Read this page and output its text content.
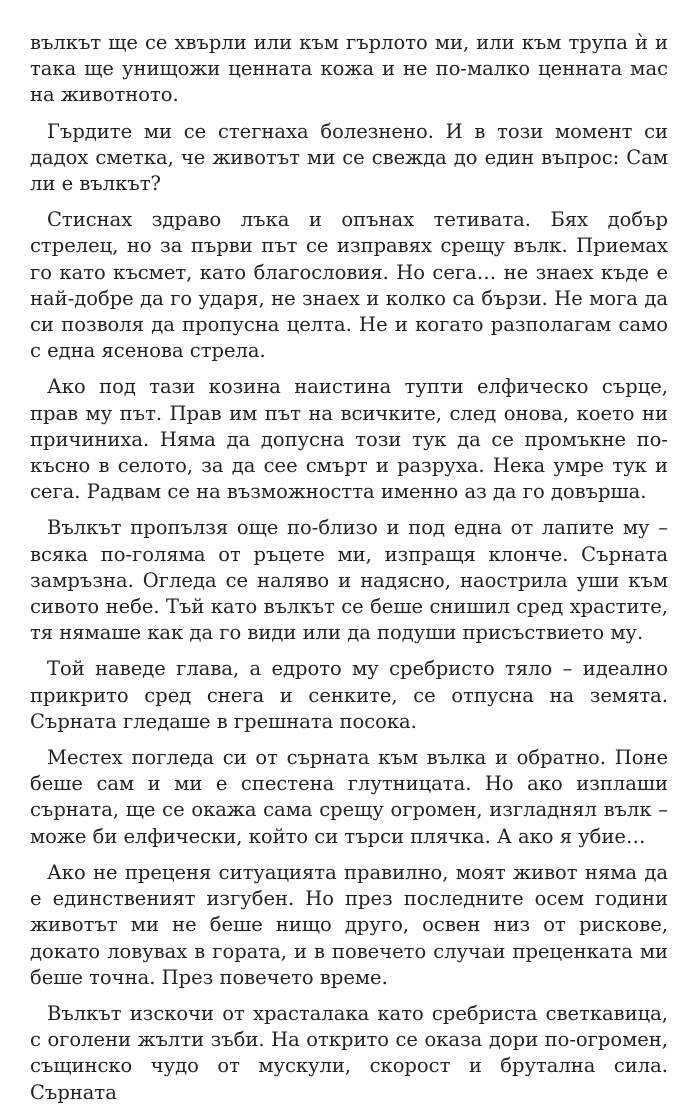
вълкът ще се хвърли или към гърлото ми, или към трупа ѝ и така ще унищожи ценната кожа и не по-малко ценната мас на животното.

Гърдите ми се стегнаха болезнено. И в този момент си дадох сметка, че животът ми се свежда до един въпрос: Сам ли е вълкът?

Стиснах здраво лъка и опънах тетивата. Бях добър стрелец, но за първи път се изправях срещу вълк. Приемах го като късмет, като благословия. Но сега… не знаех къде е най-добре да го ударя, не знаех и колко са бързи. Не мога да си позволя да пропусна целта. Не и когато разполагам само с една ясенова стрела.

Ако под тази козина наистина тупти елфическо сърце, прав му път. Прав им път на всичките, след онова, което ни причиниха. Няма да допусна този тук да се промъкне по-късно в селото, за да сее смърт и разруха. Нека умре тук и сега. Радвам се на възможността именно аз да го довърша.

Вълкът пропълзя още по-близо и под една от лапите му – всяка по-голяма от ръцете ми, изпращя клонче. Сърната замръзна. Огледа се наляво и надясно, наострила уши към сивото небе. Тъй като вълкът се беше снишил сред храстите, тя нямаше как да го види или да подуши присъствието му.

Той наведе глава, а едрото му сребристо тяло – идеално прикрито сред снега и сенките, се отпусна на земята. Сърната гледаше в грешната посока.

Местех погледа си от сърната към вълка и обратно. Поне беше сам и ми е спестена глутницата. Но ако изплаши сърната, ще се окажа сама срещу огромен, изгладнял вълк – може би елфически, който си търси плячка. А ако я убие…

Ако не преценя ситуацията правилно, моят живот няма да е единственият изгубен. Но през последните осем години животът ми не беше нищо друго, освен низ от рискове, докато ловувах в гората, и в повечето случаи преценката ми беше точна. През повечето време.

Вълкът изскочи от храсталака като сребриста светкавица, с оголени жълти зъби. На открито се оказа дори по-огромен, същинско чудо от мускули, скорост и брутална сила. Сърната
